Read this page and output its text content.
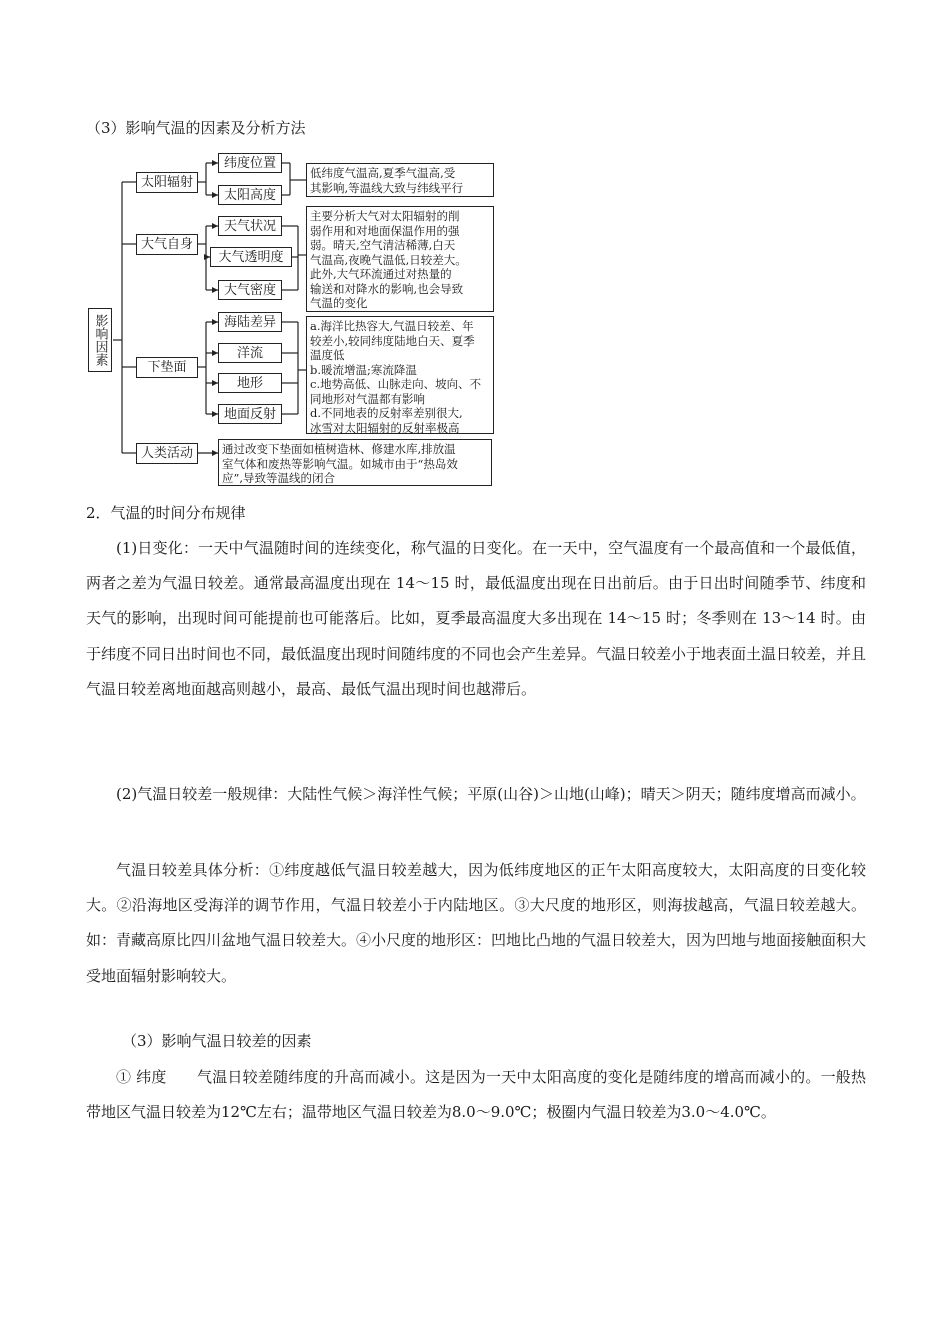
（3）影响气温的因素及分析方法
影响因素
太阳辐射
大气自身
下垫面
人类活动
纬度位置
太阳高度
天气状况
大气透明度
大气密度
海陆差异
洋流
地形
地面反射
低纬度气温高,夏季气温高,受
其影响,等温线大致与纬线平行
主要分析大气对太阳辐射的削
弱作用和对地面保温作用的强
弱。晴天,空气清洁稀薄,白天
气温高,夜晚气温低,日较差大。
此外,大气环流通过对热量的
输送和对降水的影响,也会导致
气温的变化
a.海洋比热容大,气温日较差、年
较差小,较同纬度陆地白天、夏季
温度低
b.暖流增温;寒流降温
c.地势高低、山脉走向、坡向、不
同地形对气温都有影响
d.不同地表的反射率差别很大,
冰雪对太阳辐射的反射率极高
通过改变下垫面如植树造林、修建水库,排放温
室气体和废热等影响气温。如城市由于“热岛效
应”,导致等温线的闭合
2．气温的时间分布规律
(1)日变化：一天中气温随时间的连续变化，称气温的日变化。在一天中，空气温度有一个最高值和一个最低值，两者之差为气温日较差。通常最高温度出现在 14～15 时，最低温度出现在日出前后。由于日出时间随季节、纬度和天气的影响，出现时间可能提前也可能落后。比如，夏季最高温度大多出现在 14～15 时；冬季则在 13～14 时。由于纬度不同日出时间也不同，最低温度出现时间随纬度的不同也会产生差异。气温日较差小于地表面土温日较差，并且气温日较差离地面越高则越小，最高、最低气温出现时间也越滞后。
(2)气温日较差一般规律：大陆性气候＞海洋性气候；平原(山谷)＞山地(山峰)；晴天＞阴天；随纬度增高而减小。
气温日较差具体分析：①纬度越低气温日较差越大，因为低纬度地区的正午太阳高度较大，太阳高度的日变化较大。②沿海地区受海洋的调节作用，气温日较差小于内陆地区。③大尺度的地形区，则海拔越高，气温日较差越大。如：青藏高原比四川盆地气温日较差大。④小尺度的地形区：凹地比凸地的气温日较差大，因为凹地与地面接触面积大受地面辐射影响较大。
（3）影响气温日较差的因素
① 纬度　　气温日较差随纬度的升高而减小。这是因为一天中太阳高度的变化是随纬度的增高而减小的。一般热带地区气温日较差为12℃左右；温带地区气温日较差为8.0～9.0℃；极圈内气温日较差为3.0～4.0℃。
